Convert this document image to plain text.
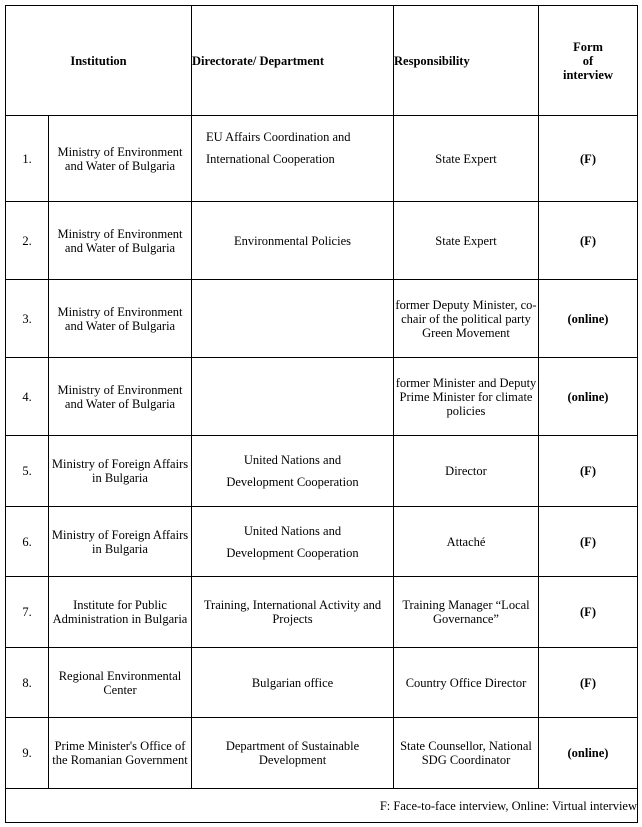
Institution		Directorate/ Department	Responsibility	Form
of
interview

1.	Ministry of Environment and Water of Bulgaria	EU Affairs Coordination and
International Cooperation	State Expert	(F)
2.	Ministry of Environment and Water of Bulgaria	Environmental Policies	State Expert	(F)
3.	Ministry of Environment and Water of Bulgaria		former Deputy Minister, co-chair of the political party Green Movement	(online)
4.	Ministry of Environment and Water of Bulgaria		former Minister and Deputy Prime Minister for climate policies	(online)
5.	Ministry of Foreign Affairs in Bulgaria	United Nations and
Development Cooperation	Director	(F)
6.	Ministry of Foreign Affairs in Bulgaria	United Nations and
Development Cooperation	Attaché	(F)
7.	Institute for Public Administration in Bulgaria	Training, International Activity and Projects	Training Manager “Local Governance”	(F)
8.	Regional Environmental Center	Bulgarian office	Country Office Director	(F)
9.	Prime Minister's Office of the Romanian Government	Department of Sustainable Development	State Counsellor, National SDG Coordinator	(online)
F: Face-to-face interview, Online: Virtual interview				
